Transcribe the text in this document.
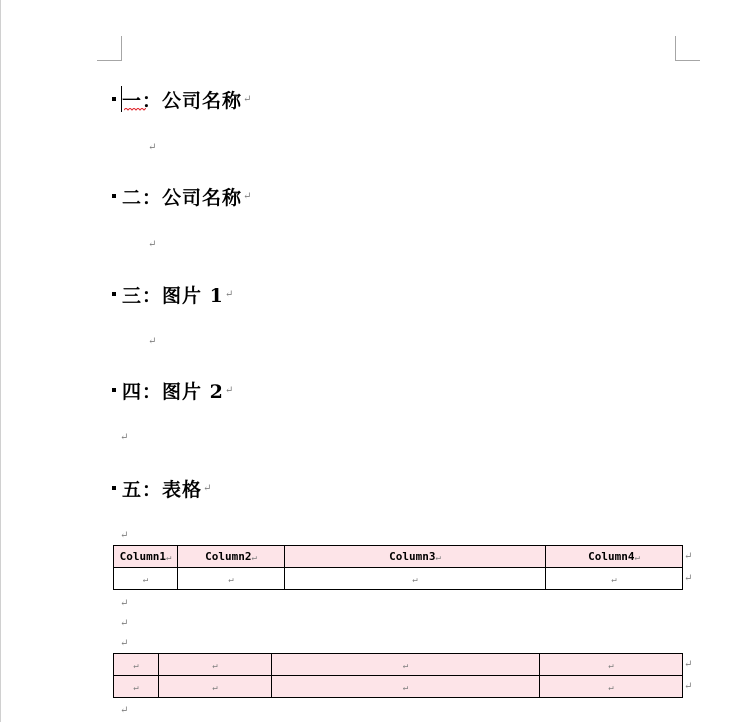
一 ： 公司名称 ↵
↵
二 ： 公司名称 ↵
↵
三 ： 图片 1 ↵
↵
四 ： 图片 2 ↵
↵
五 ： 表格 ↵
↵
Column1↵	Column2↵	Column3↵	Column4↵
↵	↵	↵	↵
↵
↵
↵
↵
↵
↵	↵	↵	↵
↵	↵	↵	↵
↵
↵
↵
